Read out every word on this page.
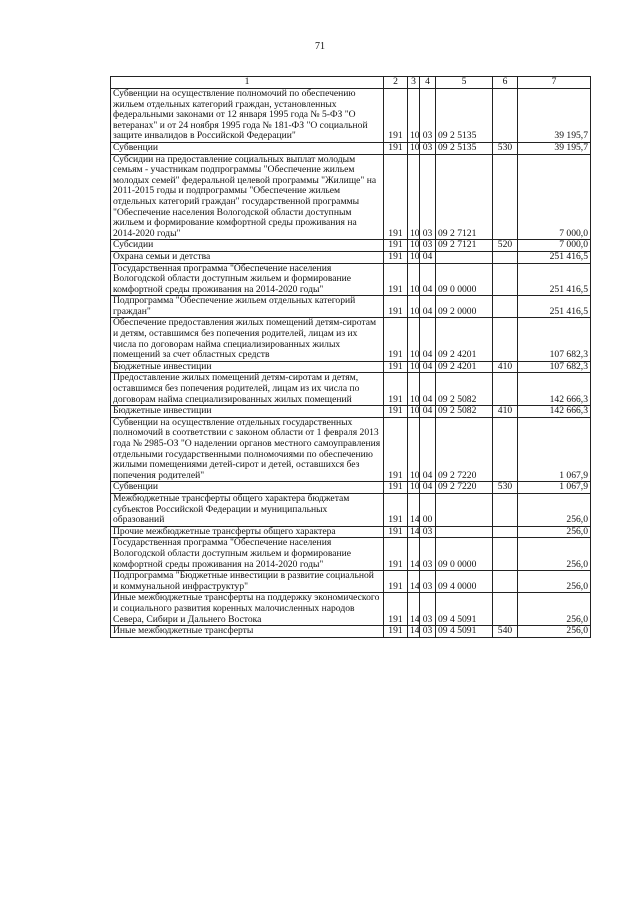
71
1	2	3	4	5	6	7
Субвенции на осуществление полномочий по обеспечению жильем отдельных категорий граждан, установленных федеральными законами от 12 января 1995 года № 5-ФЗ "О ветеранах" и от 24 ноября 1995 года № 181-ФЗ "О социальной защите инвалидов в Российской Федерации"	191	10	03	09 2 5135		39 195,7
Субвенции	191	10	03	09 2 5135	530	39 195,7
Субсидии на предоставление социальных выплат молодым семьям - участникам подпрограммы "Обеспечение жильем молодых семей" федеральной целевой программы "Жилище" на 2011-2015 годы и подпрограммы "Обеспечение жильем отдельных категорий граждан" государственной программы "Обеспечение населения Вологодской области доступным жильем и формирование комфортной среды проживания на 2014-2020 годы"	191	10	03	09 2 7121		7 000,0
Субсидии	191	10	03	09 2 7121	520	7 000,0
Охрана семьи и детства	191	10	04			251 416,5
Государственная программа "Обеспечение населения Вологодской области доступным жильем и формирование комфортной среды проживания на 2014-2020 годы"	191	10	04	09 0 0000		251 416,5
Подпрограмма "Обеспечение жильем отдельных категорий граждан"	191	10	04	09 2 0000		251 416,5
Обеспечение предоставления жилых помещений детям-сиротам и детям, оставшимся без попечения родителей, лицам из их числа по договорам найма специализированных жилых помещений за счет областных средств	191	10	04	09 2 4201		107 682,3
Бюджетные инвестиции	191	10	04	09 2 4201	410	107 682,3
Предоставление жилых помещений детям-сиротам и детям, оставшимся без попечения родителей, лицам из их числа по договорам найма специализированных жилых помещений	191	10	04	09 2 5082		142 666,3
Бюджетные инвестиции	191	10	04	09 2 5082	410	142 666,3
Субвенции на осуществление отдельных государственных полномочий в соответствии с законом области от 1 февраля 2013 года № 2985-ОЗ "О наделении органов местного самоуправления отдельными государственными полномочиями по обеспечению жилыми помещениями детей-сирот и детей, оставшихся без попечения родителей"	191	10	04	09 2 7220		1 067,9
Субвенции	191	10	04	09 2 7220	530	1 067,9
Межбюджетные трансферты общего характера бюджетам субъектов Российской Федерации и муниципальных образований	191	14	00			256,0
Прочие межбюджетные трансферты общего характера	191	14	03			256,0
Государственная программа "Обеспечение населения Вологодской области доступным жильем и формирование комфортной среды проживания на 2014-2020 годы"	191	14	03	09 0 0000		256,0
Подпрограмма "Бюджетные инвестиции в развитие социальной и коммунальной инфраструктур"	191	14	03	09 4 0000		256,0
Иные межбюджетные трансферты на поддержку экономического и социального развития коренных малочисленных народов Севера, Сибири и Дальнего Востока	191	14	03	09 4 5091		256,0
Иные межбюджетные трансферты	191	14	03	09 4 5091	540	256,0
